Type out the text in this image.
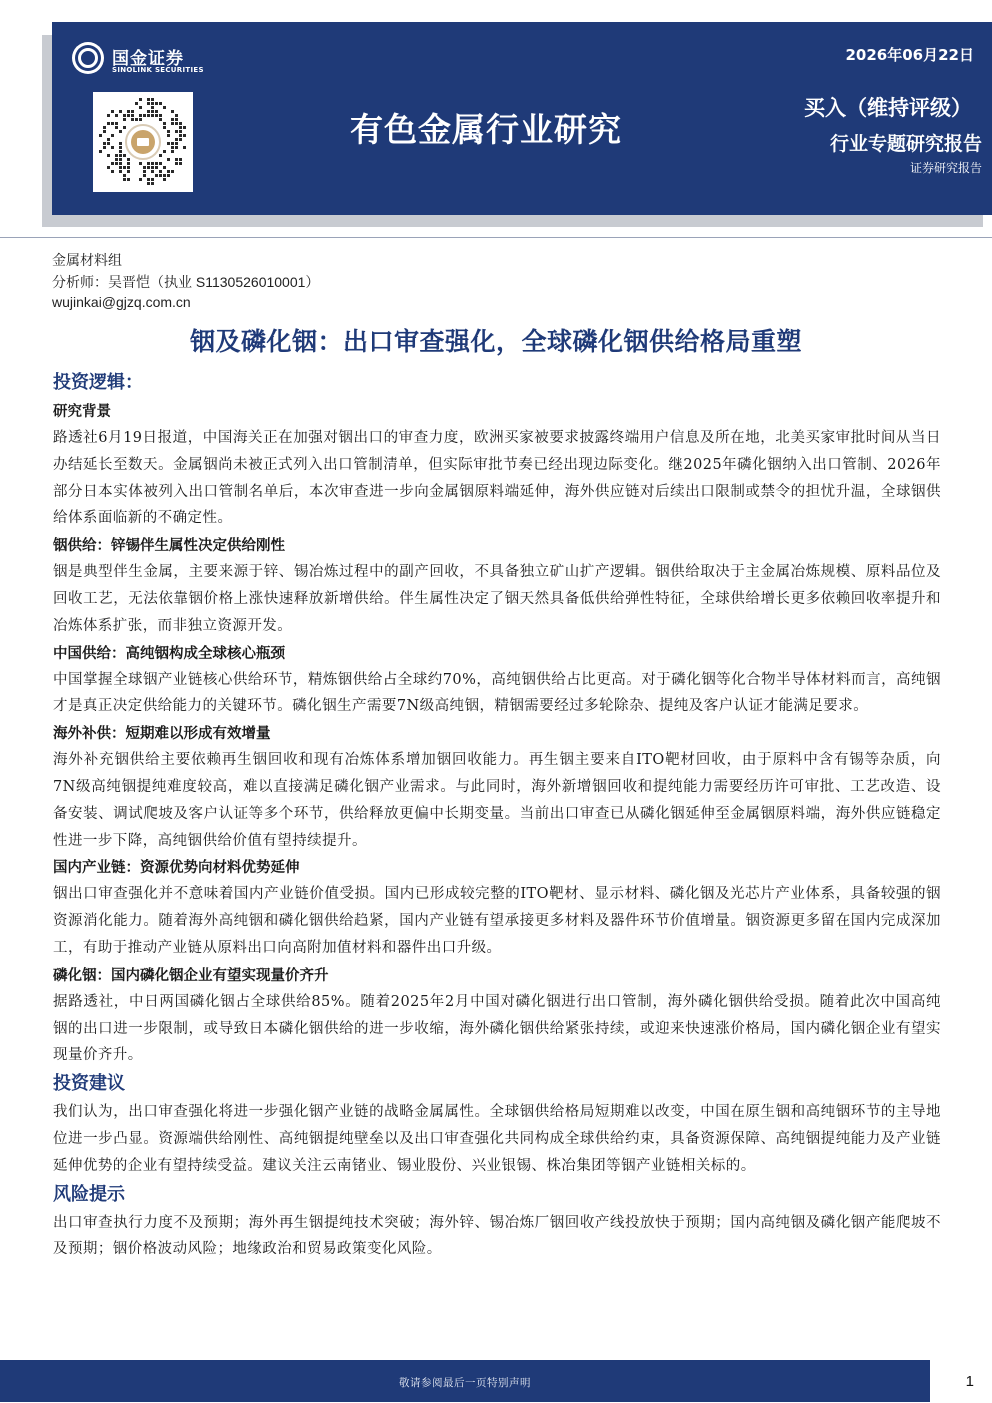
国金证券
SINOLINK SECURITIES
2026年06月22日
有色金属行业研究
买入（维持评级）
行业专题研究报告
证券研究报告
金属材料组
分析师：吴晋恺（执业 S1130526010001）
wujinkai@gjzq.com.cn
铟及磷化铟：出口审查强化，全球磷化铟供给格局重塑
投资逻辑：
研究背景

路透社6月19日报道，中国海关正在加强对铟出口的审查力度，欧洲买家被要求披露终端用户信息及所在地，北美买家审批时间从当日办结延长至数天。金属铟尚未被正式列入出口管制清单，但实际审批节奏已经出现边际变化。继2025年磷化铟纳入出口管制、2026年部分日本实体被列入出口管制名单后，本次审查进一步向金属铟原料端延伸，海外供应链对后续出口限制或禁令的担忧升温，全球铟供给体系面临新的不确定性。

铟供给：锌锡伴生属性决定供给刚性

铟是典型伴生金属，主要来源于锌、锡冶炼过程中的副产回收，不具备独立矿山扩产逻辑。铟供给取决于主金属冶炼规模、原料品位及回收工艺，无法依靠铟价格上涨快速释放新增供给。伴生属性决定了铟天然具备低供给弹性特征，全球供给增长更多依赖回收率提升和冶炼体系扩张，而非独立资源开发。

中国供给：高纯铟构成全球核心瓶颈

中国掌握全球铟产业链核心供给环节，精炼铟供给占全球约70%，高纯铟供给占比更高。对于磷化铟等化合物半导体材料而言，高纯铟才是真正决定供给能力的关键环节。磷化铟生产需要7N级高纯铟，精铟需要经过多轮除杂、提纯及客户认证才能满足要求。

海外补供：短期难以形成有效增量

海外补充铟供给主要依赖再生铟回收和现有冶炼体系增加铟回收能力。再生铟主要来自ITO靶材回收，由于原料中含有锡等杂质，向7N级高纯铟提纯难度较高，难以直接满足磷化铟产业需求。与此同时，海外新增铟回收和提纯能力需要经历许可审批、工艺改造、设备安装、调试爬坡及客户认证等多个环节，供给释放更偏中长期变量。当前出口审查已从磷化铟延伸至金属铟原料端，海外供应链稳定性进一步下降，高纯铟供给价值有望持续提升。

国内产业链：资源优势向材料优势延伸

铟出口审查强化并不意味着国内产业链价值受损。国内已形成较完整的ITO靶材、显示材料、磷化铟及光芯片产业体系，具备较强的铟资源消化能力。随着海外高纯铟和磷化铟供给趋紧，国内产业链有望承接更多材料及器件环节价值增量。铟资源更多留在国内完成深加工，有助于推动产业链从原料出口向高附加值材料和器件出口升级。

磷化铟：国内磷化铟企业有望实现量价齐升

据路透社，中日两国磷化铟占全球供给85%。随着2025年2月中国对磷化铟进行出口管制，海外磷化铟供给受损。随着此次中国高纯铟的出口进一步限制，或导致日本磷化铟供给的进一步收缩，海外磷化铟供给紧张持续，或迎来快速涨价格局，国内磷化铟企业有望实现量价齐升。

投资建议

我们认为，出口审查强化将进一步强化铟产业链的战略金属属性。全球铟供给格局短期难以改变，中国在原生铟和高纯铟环节的主导地位进一步凸显。资源端供给刚性、高纯铟提纯壁垒以及出口审查强化共同构成全球供给约束，具备资源保障、高纯铟提纯能力及产业链延伸优势的企业有望持续受益。建议关注云南锗业、锡业股份、兴业银锡、株冶集团等铟产业链相关标的。

风险提示

出口审查执行力度不及预期；海外再生铟提纯技术突破；海外锌、锡冶炼厂铟回收产线投放快于预期；国内高纯铟及磷化铟产能爬坡不及预期；铟价格波动风险；地缘政治和贸易政策变化风险。

敬请参阅最后一页特别声明	1
